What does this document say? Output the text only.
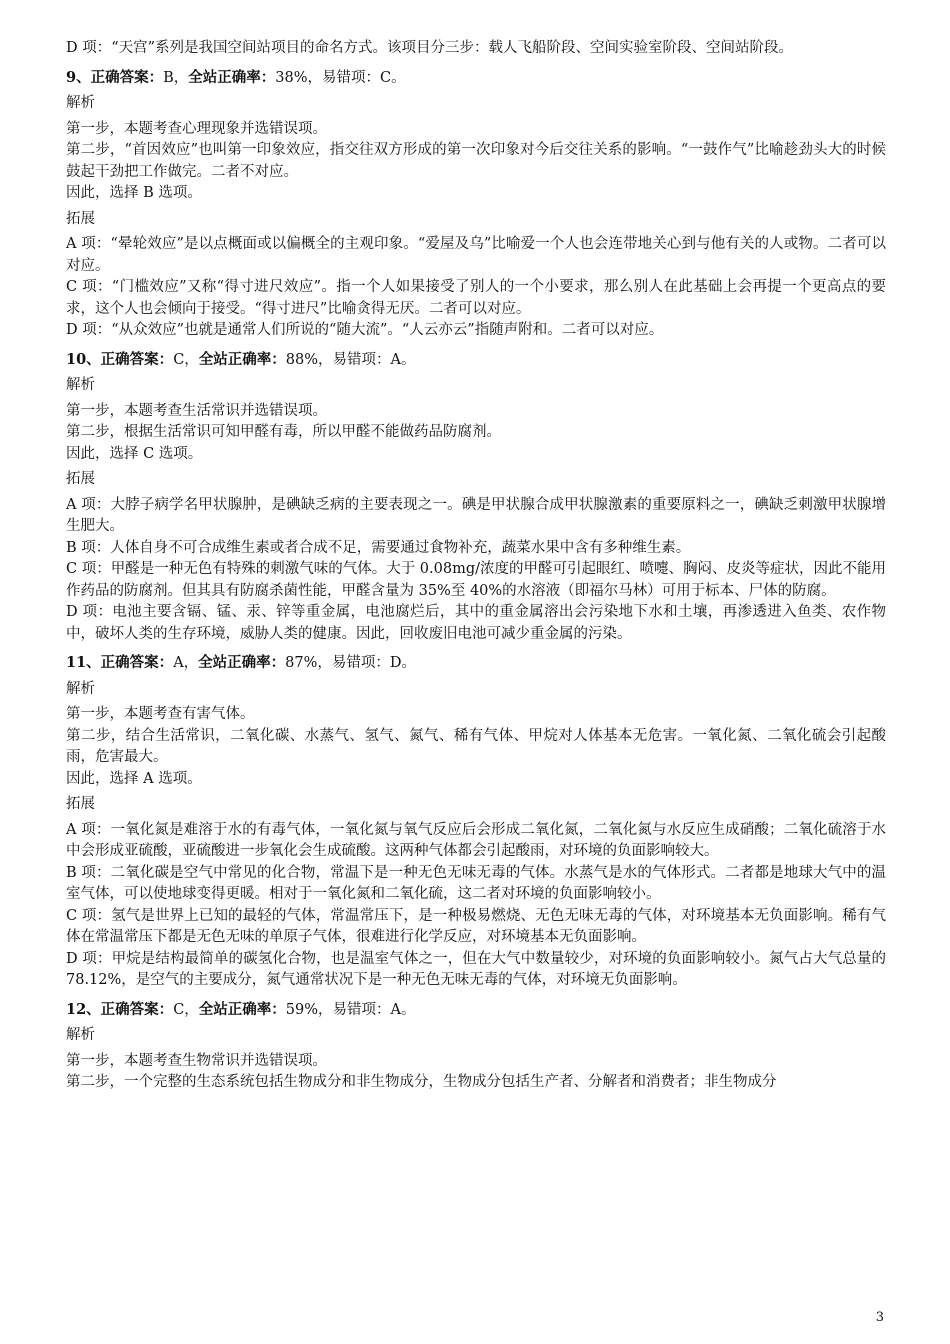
D 项：“天宫”系列是我国空间站项目的命名方式。该项目分三步：载人飞船阶段、空间实验室阶段、空间站阶段。

9、正确答案：B，全站正确率：38%，易错项：C。

解析

第一步，本题考查心理现象并选错误项。

第二步，“首因效应”也叫第一印象效应，指交往双方形成的第一次印象对今后交往关系的影响。“一鼓作气”比喻趁劲头大的时候鼓起干劲把工作做完。二者不对应。

因此，选择 B 选项。

拓展

A 项：“晕轮效应”是以点概面或以偏概全的主观印象。“爱屋及乌”比喻爱一个人也会连带地关心到与他有关的人或物。二者可以对应。

C 项：“门槛效应”又称“得寸进尺效应”。指一个人如果接受了别人的一个小要求，那么别人在此基础上会再提一个更高点的要求，这个人也会倾向于接受。“得寸进尺”比喻贪得无厌。二者可以对应。

D 项：“从众效应”也就是通常人们所说的“随大流”。“人云亦云”指随声附和。二者可以对应。

10、正确答案：C，全站正确率：88%，易错项：A。

解析

第一步，本题考查生活常识并选错误项。

第二步，根据生活常识可知甲醛有毒，所以甲醛不能做药品防腐剂。

因此，选择 C 选项。

拓展

A 项：大脖子病学名甲状腺肿，是碘缺乏病的主要表现之一。碘是甲状腺合成甲状腺激素的重要原料之一，碘缺乏刺激甲状腺增生肥大。

B 项：人体自身不可合成维生素或者合成不足，需要通过食物补充，蔬菜水果中含有多种维生素。

C 项：甲醛是一种无色有特殊的刺激气味的气体。大于 0.08mg/浓度的甲醛可引起眼红、喷嚏、胸闷、皮炎等症状，因此不能用作药品的防腐剂。但其具有防腐杀菌性能，甲醛含量为 35%至 40%的水溶液（即福尔马林）可用于标本、尸体的防腐。

D 项：电池主要含镉、锰、汞、锌等重金属，电池腐烂后，其中的重金属溶出会污染地下水和土壤，再渗透进入鱼类、农作物中，破坏人类的生存环境，威胁人类的健康。因此，回收废旧电池可减少重金属的污染。

11、正确答案：A，全站正确率：87%，易错项：D。

解析

第一步，本题考查有害气体。

第二步，结合生活常识，二氧化碳、水蒸气、氢气、氮气、稀有气体、甲烷对人体基本无危害。一氧化氮、二氧化硫会引起酸雨，危害最大。

因此，选择 A 选项。

拓展

A 项：一氧化氮是难溶于水的有毒气体，一氧化氮与氧气反应后会形成二氧化氮，二氧化氮与水反应生成硝酸；二氧化硫溶于水中会形成亚硫酸，亚硫酸进一步氧化会生成硫酸。这两种气体都会引起酸雨，对环境的负面影响较大。

B 项：二氧化碳是空气中常见的化合物，常温下是一种无色无味无毒的气体。水蒸气是水的气体形式。二者都是地球大气中的温室气体，可以使地球变得更暖。相对于一氧化氮和二氧化硫，这二者对环境的负面影响较小。

C 项：氢气是世界上已知的最轻的气体，常温常压下，是一种极易燃烧、无色无味无毒的气体，对环境基本无负面影响。稀有气体在常温常压下都是无色无味的单原子气体，很难进行化学反应，对环境基本无负面影响。

D 项：甲烷是结构最简单的碳氢化合物，也是温室气体之一，但在大气中数量较少，对环境的负面影响较小。氮气占大气总量的 78.12%，是空气的主要成分，氮气通常状况下是一种无色无味无毒的气体，对环境无负面影响。

12、正确答案：C，全站正确率：59%，易错项：A。

解析

第一步，本题考查生物常识并选错误项。

第二步，一个完整的生态系统包括生物成分和非生物成分，生物成分包括生产者、分解者和消费者；非生物成分

3
